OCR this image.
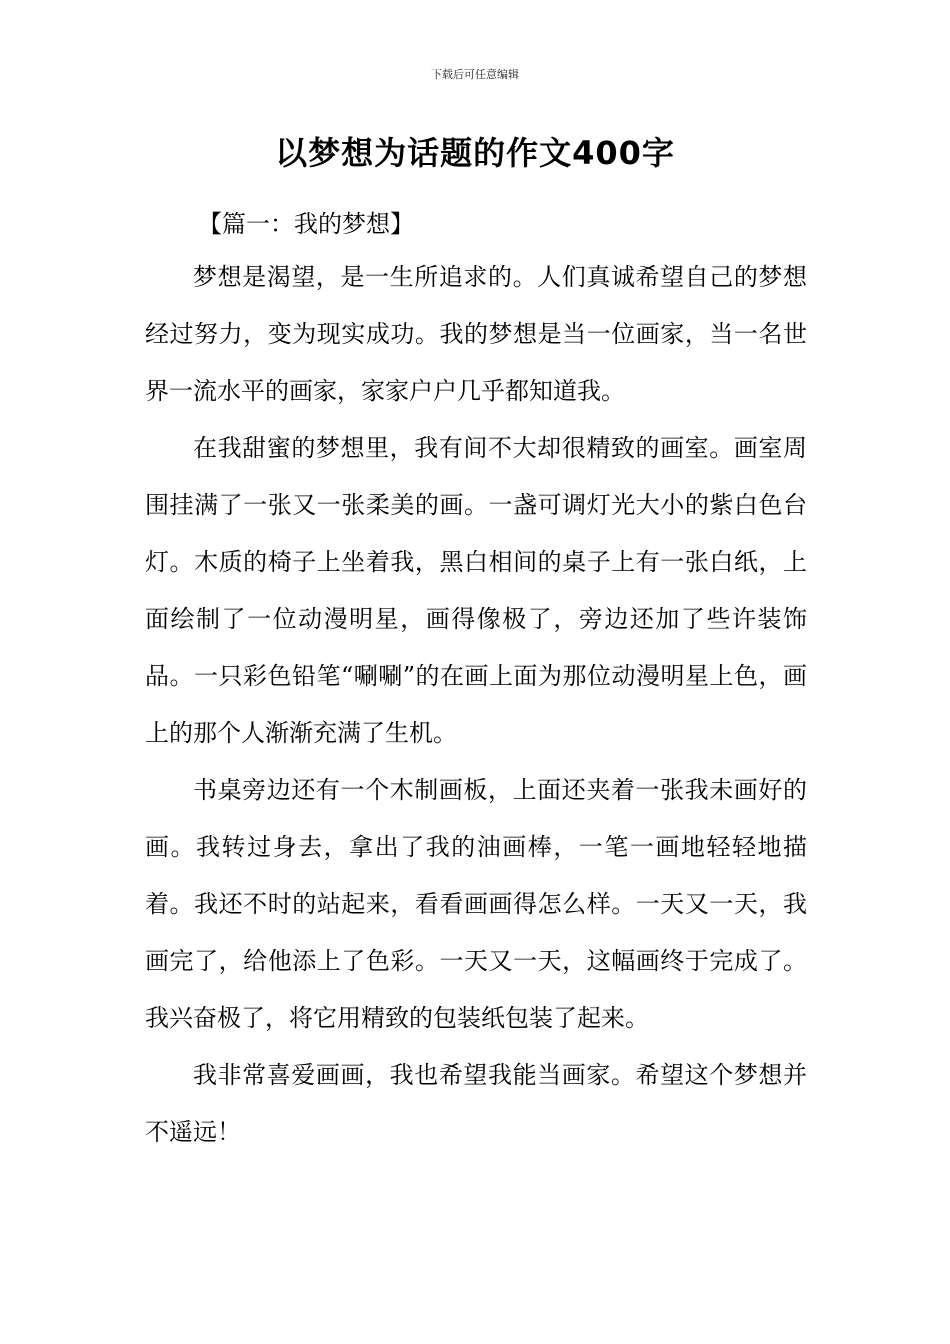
下载后可任意编辑
以梦想为话题的作文400字

【篇一：我的梦想】

梦想是渴望，是一生所追求的。人们真诚希望自己的梦想经过努力，变为现实成功。我的梦想是当一位画家，当一名世界一流水平的画家，家家户户几乎都知道我。

在我甜蜜的梦想里，我有间不大却很精致的画室。画室周围挂满了一张又一张柔美的画。一盏可调灯光大小的紫白色台灯。木质的椅子上坐着我，黑白相间的桌子上有一张白纸，上面绘制了一位动漫明星，画得像极了，旁边还加了些许装饰品。一只彩色铅笔“唰唰”的在画上面为那位动漫明星上色，画上的那个人渐渐充满了生机。

书桌旁边还有一个木制画板，上面还夹着一张我未画好的画。我转过身去，拿出了我的油画棒，一笔一画地轻轻地描着。我还不时的站起来，看看画画得怎么样。一天又一天，我画完了，给他添上了色彩。一天又一天，这幅画终于完成了。我兴奋极了，将它用精致的包装纸包装了起来。

我非常喜爱画画，我也希望我能当画家。希望这个梦想并不遥远！
